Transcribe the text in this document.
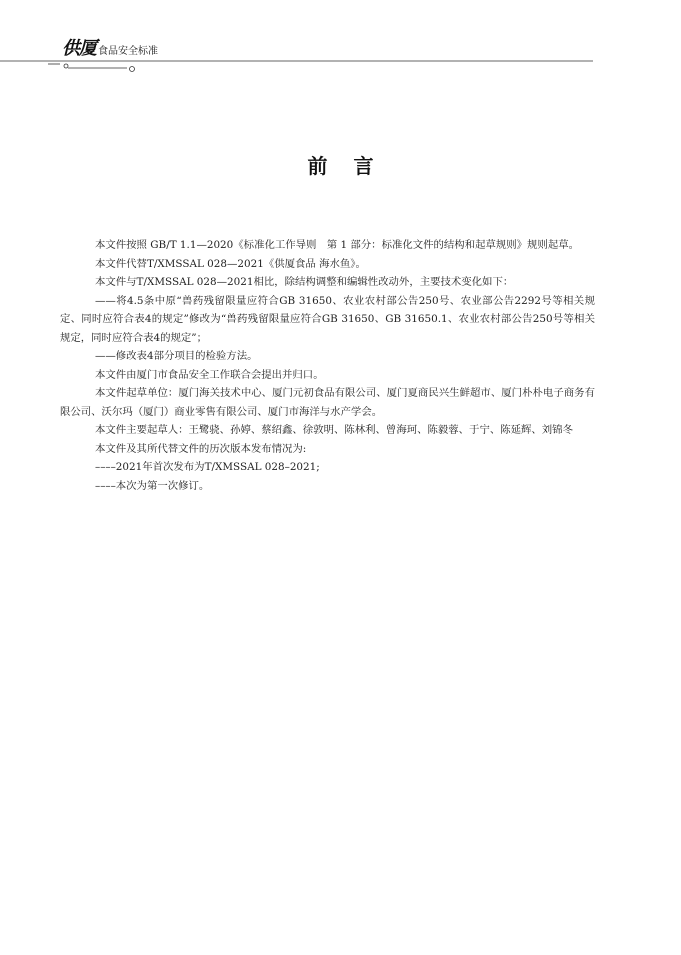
供厦 食品安全标准
前言

本文件按照 GB/T 1.1—2020《标准化工作导则　第 1 部分：标准化文件的结构和起草规则》规则起草。

本文件代替T/XMSSAL 028—2021《供厦食品 海水鱼》。

本文件与T/XMSSAL 028—2021相比，除结构调整和编辑性改动外，主要技术变化如下：

——将4.5条中原“兽药残留限量应符合GB 31650、农业农村部公告250号、农业部公告2292号等相关规定、同时应符合表4的规定”修改为“兽药残留限量应符合GB 31650、GB 31650.1、农业农村部公告250号等相关规定，同时应符合表4的规定”；

——修改表4部分项目的检验方法。

本文件由厦门市食品安全工作联合会提出并归口。

本文件起草单位：厦门海关技术中心、厦门元初食品有限公司、厦门夏商民兴生鲜超市、厦门朴朴电子商务有限公司、沃尔玛（厦门）商业零售有限公司、厦门市海洋与水产学会。

本文件主要起草人：王鹭骁、孙婷、蔡绍鑫、徐敦明、陈林利、曾海珂、陈毅蓉、于宁、陈延辉、刘锦冬

本文件及其所代替文件的历次版本发布情况为:

––––2021年首次发布为T/XMSSAL 028–2021;

––––本次为第一次修订。
